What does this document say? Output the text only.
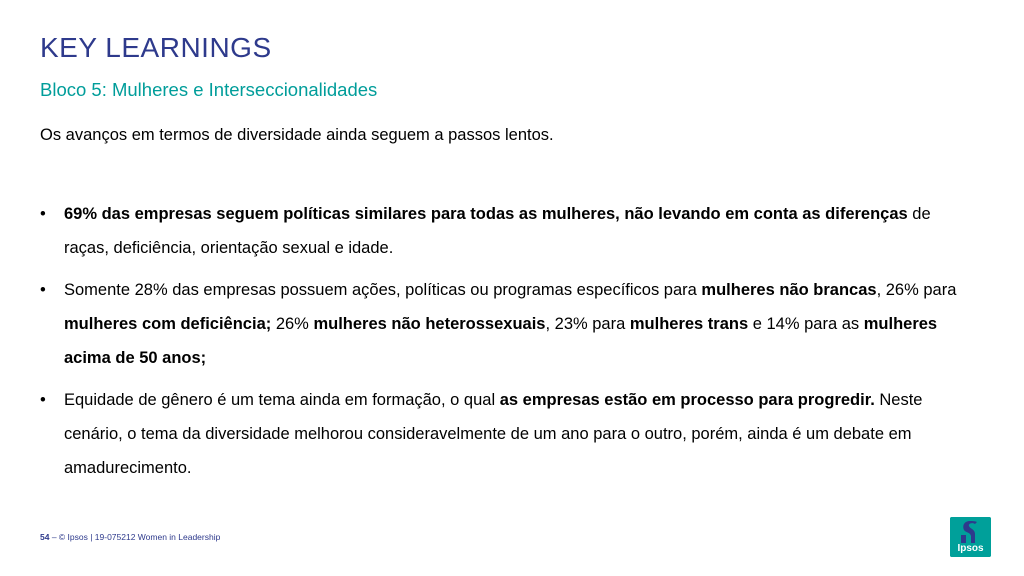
KEY LEARNINGS
Bloco 5: Mulheres e Interseccionalidades
Os avanços em termos de diversidade ainda seguem a passos lentos.
• 69% das empresas seguem políticas similares para todas as mulheres, não levando em conta as diferenças de raças, deficiência, orientação sexual e idade.
• Somente 28% das empresas possuem ações, políticas ou programas específicos para mulheres não brancas, 26% para mulheres com deficiência; 26% mulheres não heterossexuais, 23% para mulheres trans e 14% para as mulheres acima de 50 anos;
• Equidade de gênero é um tema ainda em formação, o qual as empresas estão em processo para progredir. Neste cenário, o tema da diversidade melhorou consideravelmente de um ano para o outro, porém, ainda é um debate em amadurecimento.
54 – © Ipsos | 19-075212 Women in Leadership
Ipsos
